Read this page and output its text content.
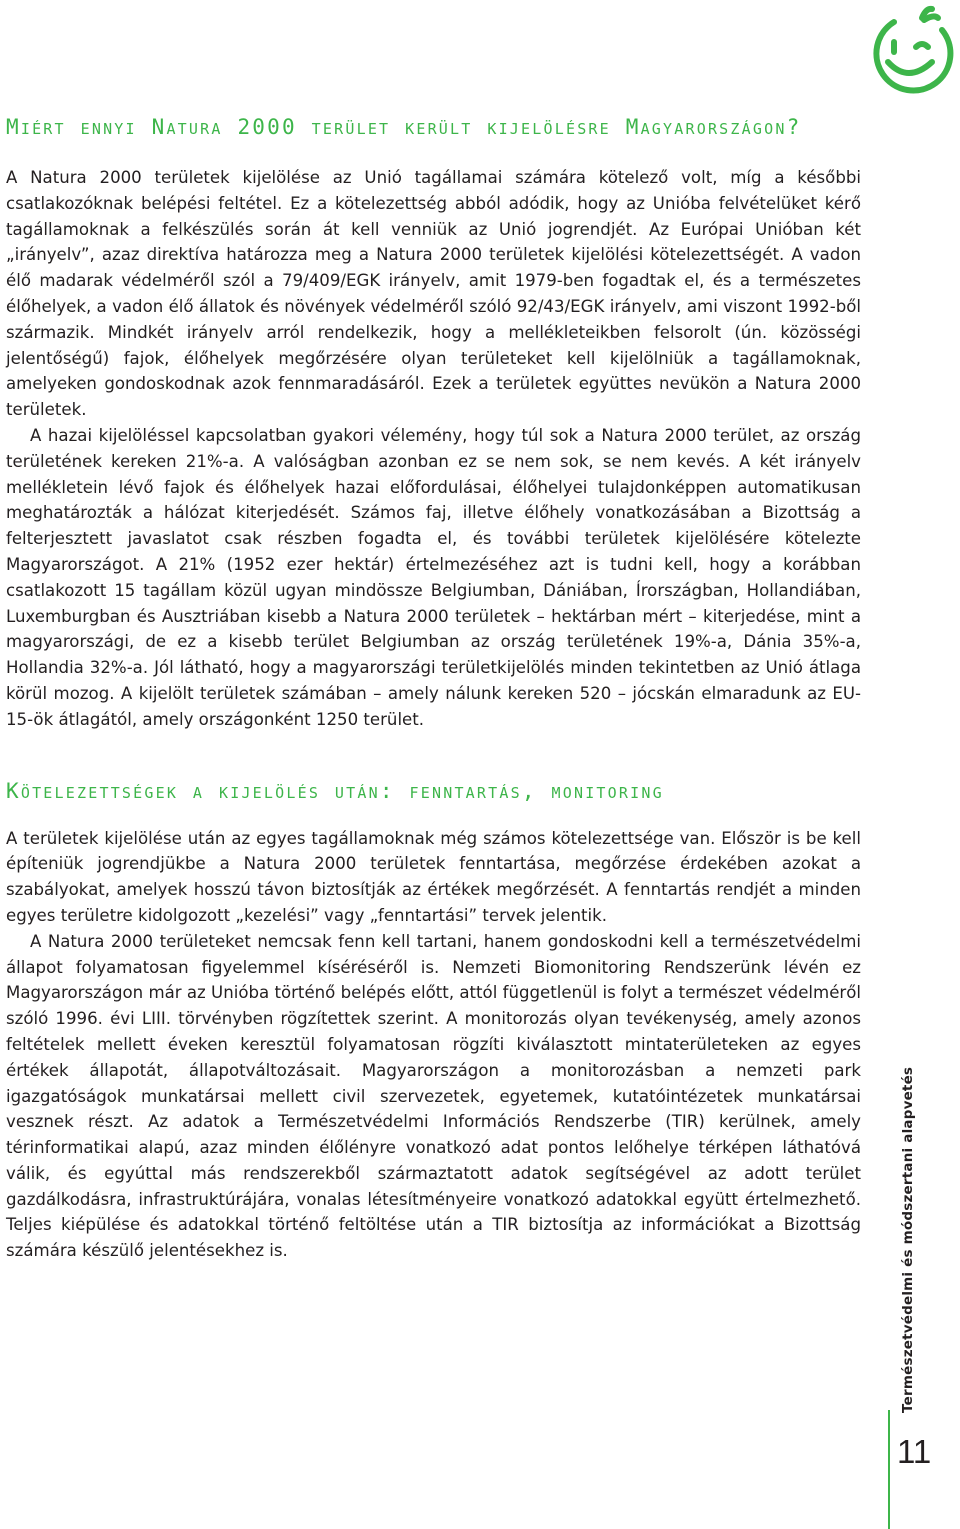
Miért ennyi Natura 2000 terület került kijelölésre Magyarországon?

A Natura 2000 területek kijelölése az Unió tagállamai számára kötelező volt, míg a későbbi csatlakozóknak belépési feltétel. Ez a kötelezettség abból adódik, hogy az Unióba felvételüket kérő tagállamoknak a felkészülés során át kell venniük az Unió jogrendjét. Az Európai Unióban két „irányelv”, azaz direktíva határozza meg a Natura 2000 területek kijelölési kötelezettségét. A vadon élő madarak védelméről szól a 79/409/EGK irányelv, amit 1979-ben fogadtak el, és a természetes élőhelyek, a vadon élő állatok és növények védelméről szóló 92/43/EGK irányelv, ami viszont 1992-ből származik. Mindkét irányelv arról rendelkezik, hogy a mellékleteikben felsorolt (ún. közösségi jelentőségű) fajok, élőhelyek megőrzésére olyan területeket kell kijelölniük a tagállamoknak, amelyeken gondoskodnak azok fennmaradásáról. Ezek a területek együttes nevükön a Natura 2000 területek.

A hazai kijelöléssel kapcsolatban gyakori vélemény, hogy túl sok a Natura 2000 terület, az ország területének kereken 21%-a. A valóságban azonban ez se nem sok, se nem kevés. A két irányelv mellékletein lévő fajok és élőhelyek hazai előfordulásai, élőhelyei tulajdonképpen automatikusan meghatározták a hálózat kiterjedését. Számos faj, illetve élőhely vonatkozásában a Bizottság a felterjesztett javaslatot csak részben fogadta el, és további területek kijelölésére kötelezte Magyarországot. A 21% (1952 ezer hektár) értelmezéséhez azt is tudni kell, hogy a korábban csatlakozott 15 tagállam közül ugyan mindössze Belgiumban, Dániában, Írországban, Hollandiában, Luxemburgban és Ausztriában kisebb a Natura 2000 területek – hektárban mért – kiterjedése, mint a magyarországi, de ez a kisebb terület Belgiumban az ország területének 19%-a, Dánia 35%-a, Hollandia 32%-a. Jól látható, hogy a magyarországi területkijelölés minden tekintetben az Unió átlaga körül mozog. A kijelölt területek számában – amely nálunk kereken 520 – jócskán elmaradunk az EU-15-ök átlagától, amely országonként 1250 terület.

Kötelezettségek a kijelölés után: fenntartás, monitoring

A területek kijelölése után az egyes tagállamoknak még számos kötelezettsége van. Először is be kell építeniük jogrendjükbe a Natura 2000 területek fenntartása, megőrzése érdekében azokat a szabályokat, amelyek hosszú távon biztosítják az értékek megőrzését. A fenntartás rendjét a minden egyes területre kidolgozott „kezelési” vagy „fenntartási” tervek jelentik.

A Natura 2000 területeket nemcsak fenn kell tartani, hanem gondoskodni kell a természetvédelmi állapot folyamatosan figyelemmel kíséréséről is. Nemzeti Biomonitoring Rendszerünk lévén ez Magyarországon már az Unióba történő belépés előtt, attól függetlenül is folyt a természet védelméről szóló 1996. évi LIII. törvényben rögzítettek szerint. A monitorozás olyan tevékenység, amely azonos feltételek mellett éveken keresztül folyamatosan rögzíti kiválasztott mintaterületeken az egyes értékek állapotát, állapotváltozásait. Magyarországon a monitorozásban a nemzeti park igazgatóságok munkatársai mellett civil szervezetek, egyetemek, kutatóintézetek munkatársai vesznek részt. Az adatok a Természetvédelmi Információs Rendszerbe (TIR) kerülnek, amely térinformatikai alapú, azaz minden élőlényre vonatkozó adat pontos lelőhelye térképen láthatóvá válik, és egyúttal más rendszerekből származtatott adatok segítségével az adott terület gazdálkodásra, infrastruktúrájára, vonalas létesítményeire vonatkozó adatokkal együtt értelmezhető. Teljes kiépülése és adatokkal történő feltöltése után a TIR biztosítja az információkat a Bizottság számára készülő jelentésekhez is.	Természetvédelmi és módszertani alapvetés
11
